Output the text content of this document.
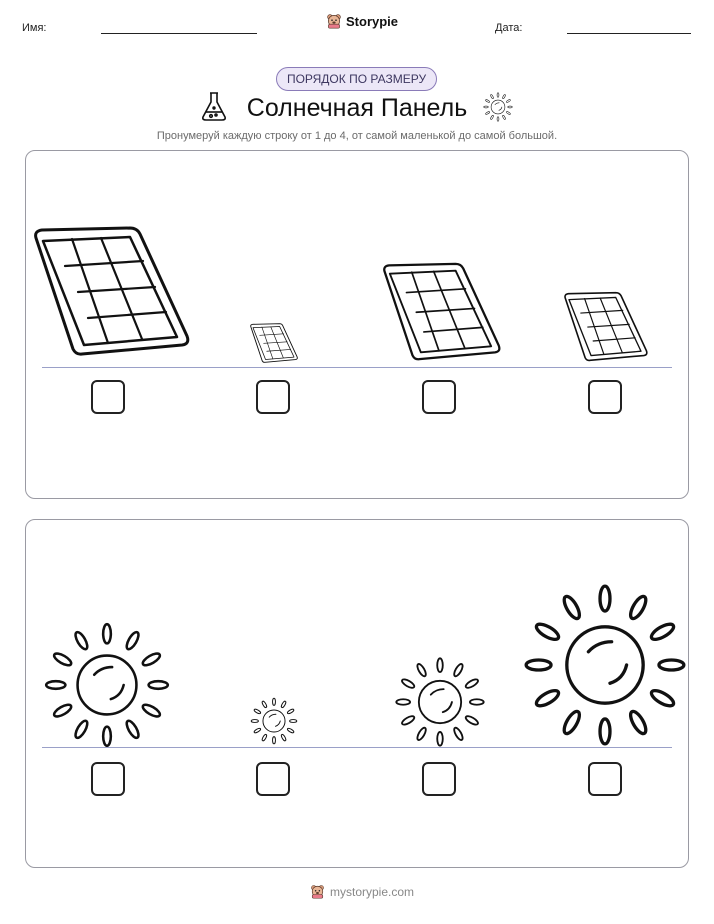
Имя:	Storypie	Дата:
ПОРЯДОК ПО РАЗМЕРУ
Солнечная Панель
Пронумеруй каждую строку от 1 до 4, от самой маленькой до самой большой.
mystorypie.com
